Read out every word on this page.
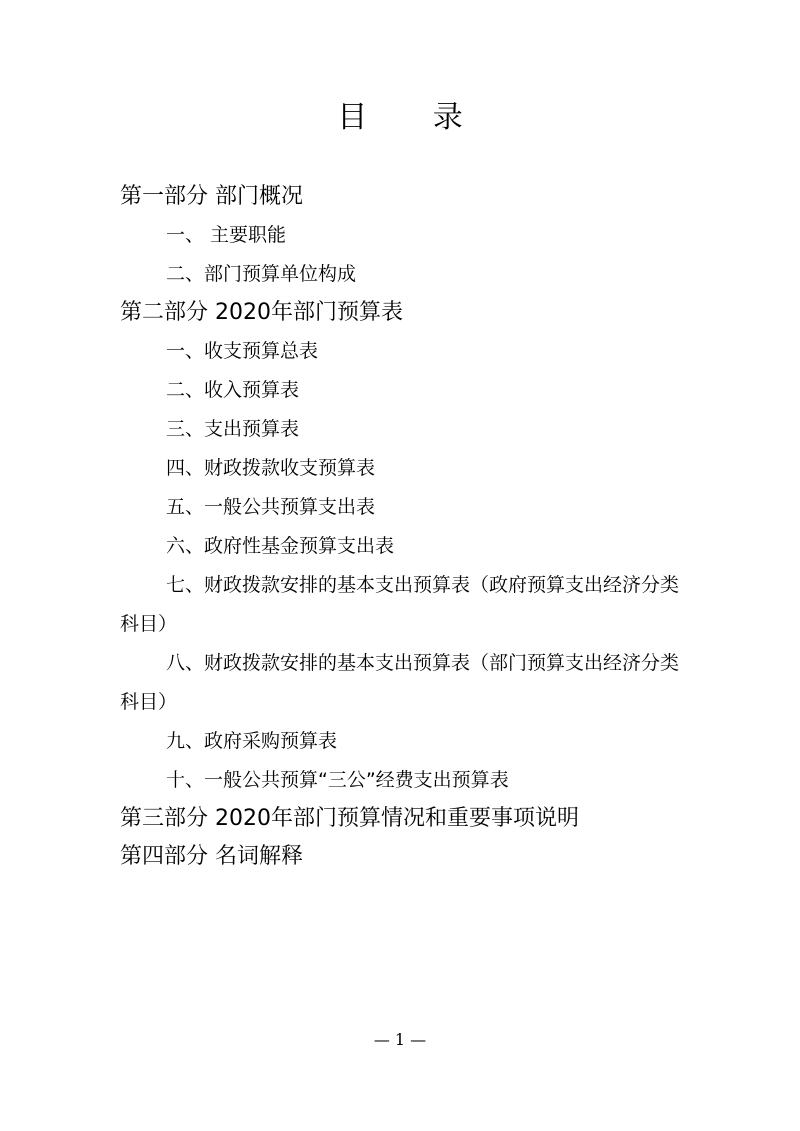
目 录
第一部分 部门概况
一、 主要职能
二、部门预算单位构成
第二部分 2020年部门预算表
一、收支预算总表
二、收入预算表
三、支出预算表
四、财政拨款收支预算表
五、一般公共预算支出表
六、政府性基金预算支出表
七、财政拨款安排的基本支出预算表（政府预算支出经济分类科目）
八、财政拨款安排的基本支出预算表（部门预算支出经济分类科目）
九、政府采购预算表
十、一般公共预算“三公”经费支出预算表
第三部分 2020年部门预算情况和重要事项说明
第四部分 名词解释
— 1 —
